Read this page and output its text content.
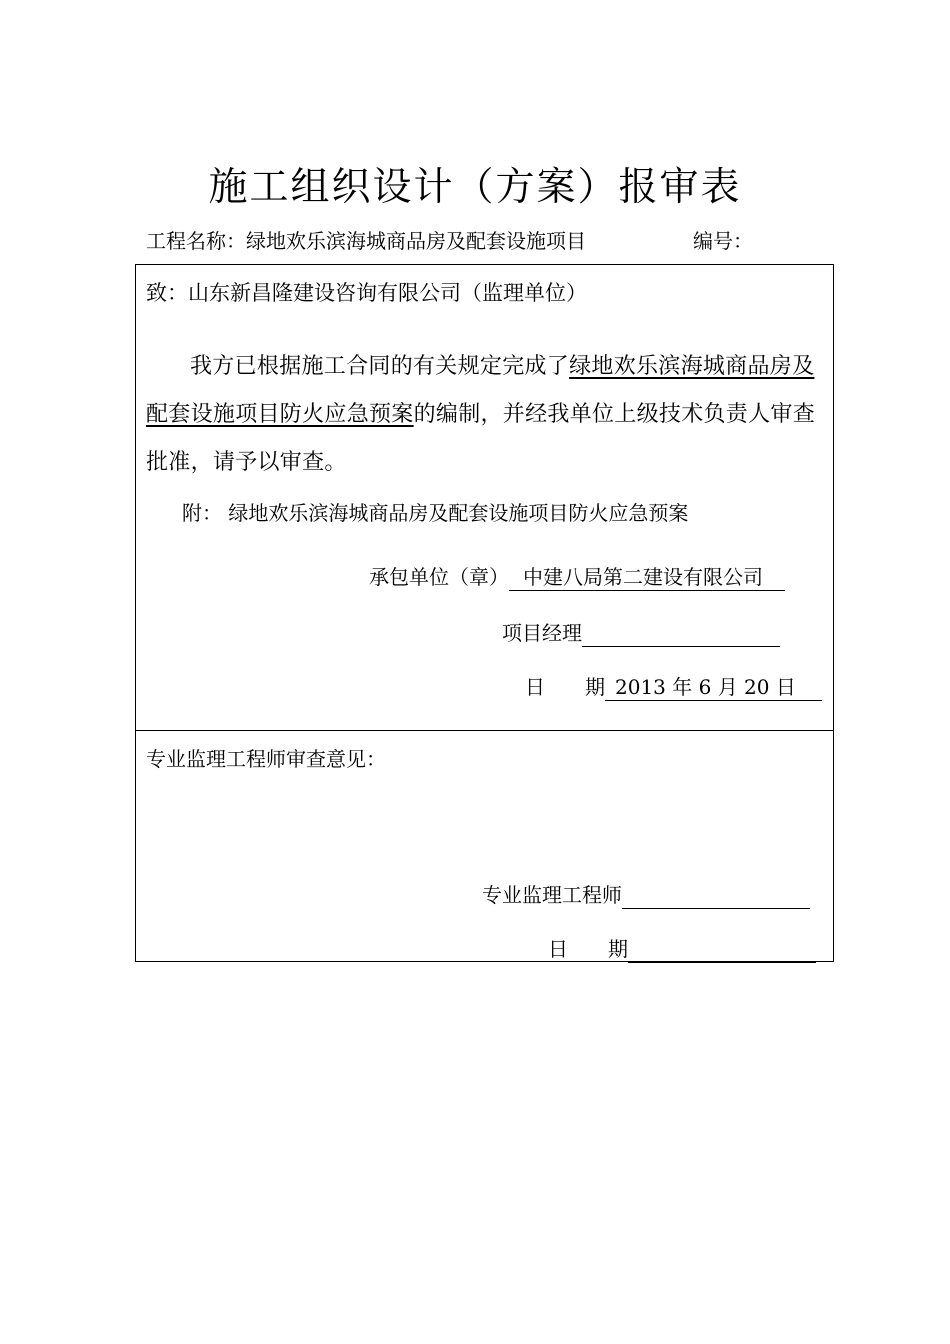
施工组织设计（方案）报审表
工程名称：绿地欢乐滨海城商品房及配套设施项目	编号：
致：山东新昌隆建设咨询有限公司（监理单位）
我方已根据施工合同的有关规定完成了绿地欢乐滨海城商品房及配套设施项目防火应急预案的编制，并经我单位上级技术负责人审查批准，请予以审查。
附： 绿地欢乐滨海城商品房及配套设施项目防火应急预案
承包单位（章） 中建八局第二建设有限公司
项目经理
日　　期 2013 年 6 月 20 日
专业监理工程师审查意见：
专业监理工程师
日　　期
